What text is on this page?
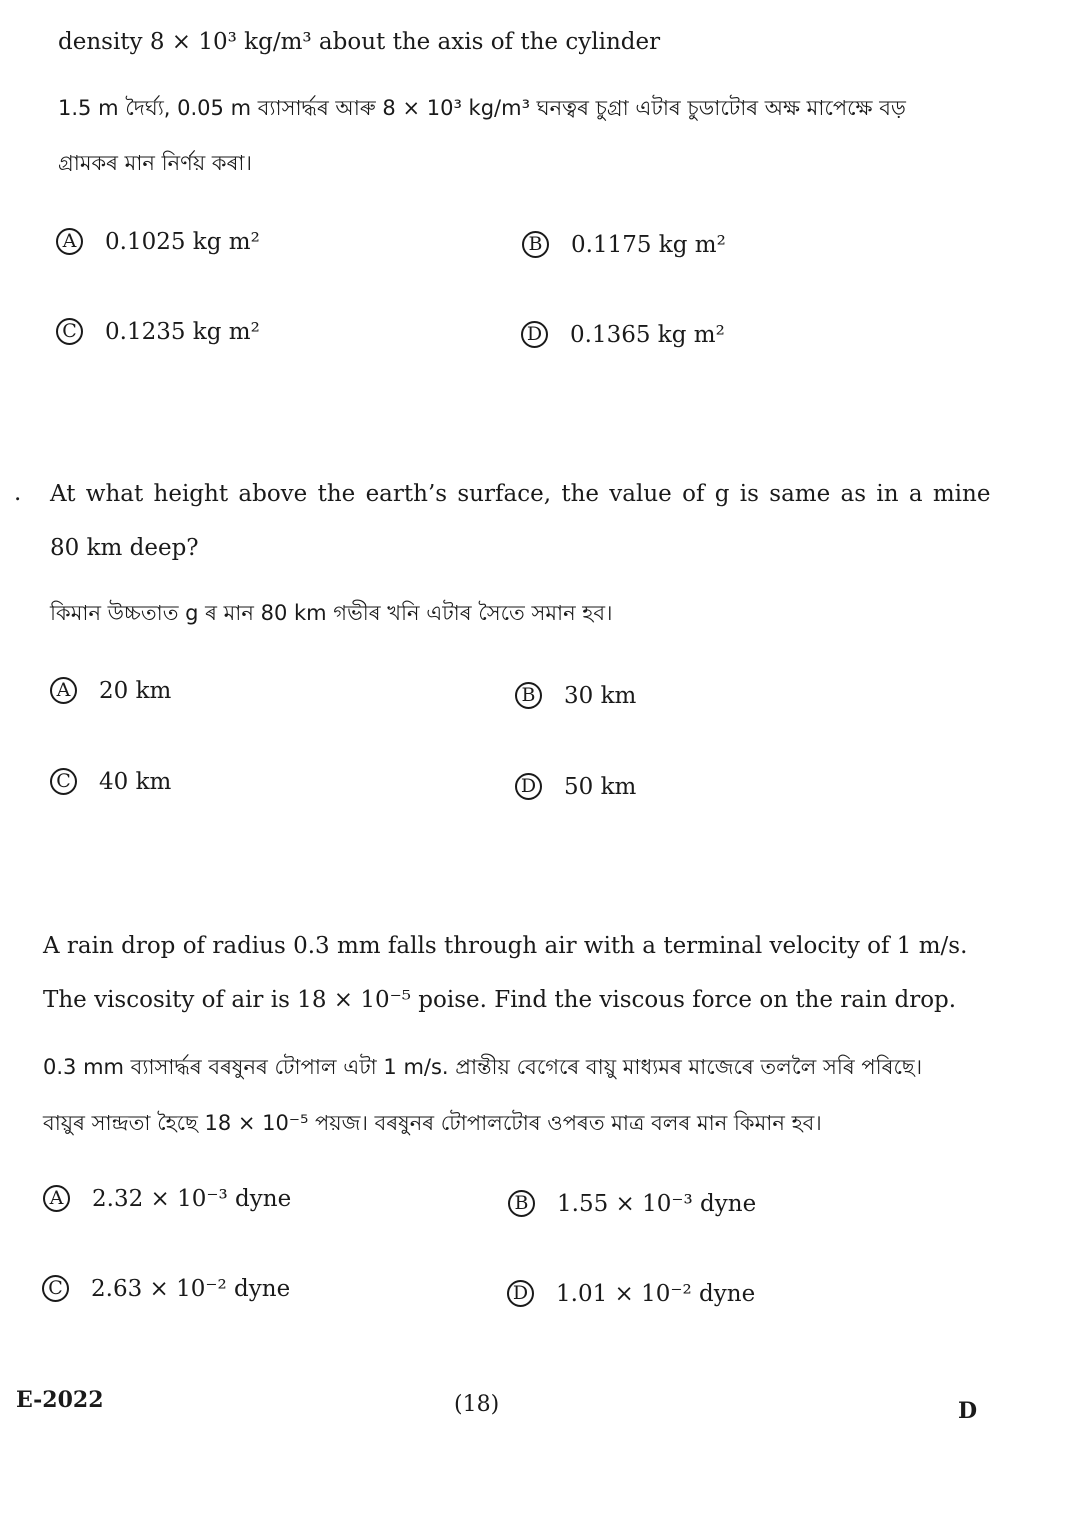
density 8 × 10³ kg/m³ about the axis of the cylinder
1.5 m দৈৰ্ঘ্য, 0.05 m ব্যাসাৰ্দ্ধৰ আৰু 8 × 10³ kg/m³ ঘনত্বৰ চুগ্ৰা এটাৰ চুডাটোৰ অক্ষ মাপেক্ষে বড়
গ্ৰামকৰ মান নিৰ্ণয় কৰা।
A 0.1025 kg m²	B 0.1175 kg m²
C 0.1235 kg m²	D 0.1365 kg m²
. At what height above the earth’s surface, the value of g is same as in a mine
80 km deep?
কিমান উচ্চতাত g ৰ মান 80 km গভীৰ খনি এটাৰ সৈতে সমান হব।
A 20 km	B 30 km
C 40 km	D 50 km
A rain drop of radius 0.3 mm falls through air with a terminal velocity of 1 m/s.
The viscosity of air is 18 × 10⁻⁵ poise. Find the viscous force on the rain drop.
0.3 mm ব্যাসাৰ্দ্ধৰ বৰষুনৰ টোপাল এটা 1 m/s. প্ৰান্তীয় বেগেৰে বায়ু মাধ্যমৰ মাজেৰে তললৈ সৰি পৰিছে।
বায়ুৰ সান্দ্ৰতা হৈছে 18 × 10⁻⁵ পয়জ। বৰষুনৰ টোপালটোৰ ওপৰত মাত্ৰ বলৰ মান কিমান হব।
A 2.32 × 10⁻³ dyne	B 1.55 × 10⁻³ dyne
C 2.63 × 10⁻² dyne	D 1.01 × 10⁻² dyne
E-2022	(18)	D
